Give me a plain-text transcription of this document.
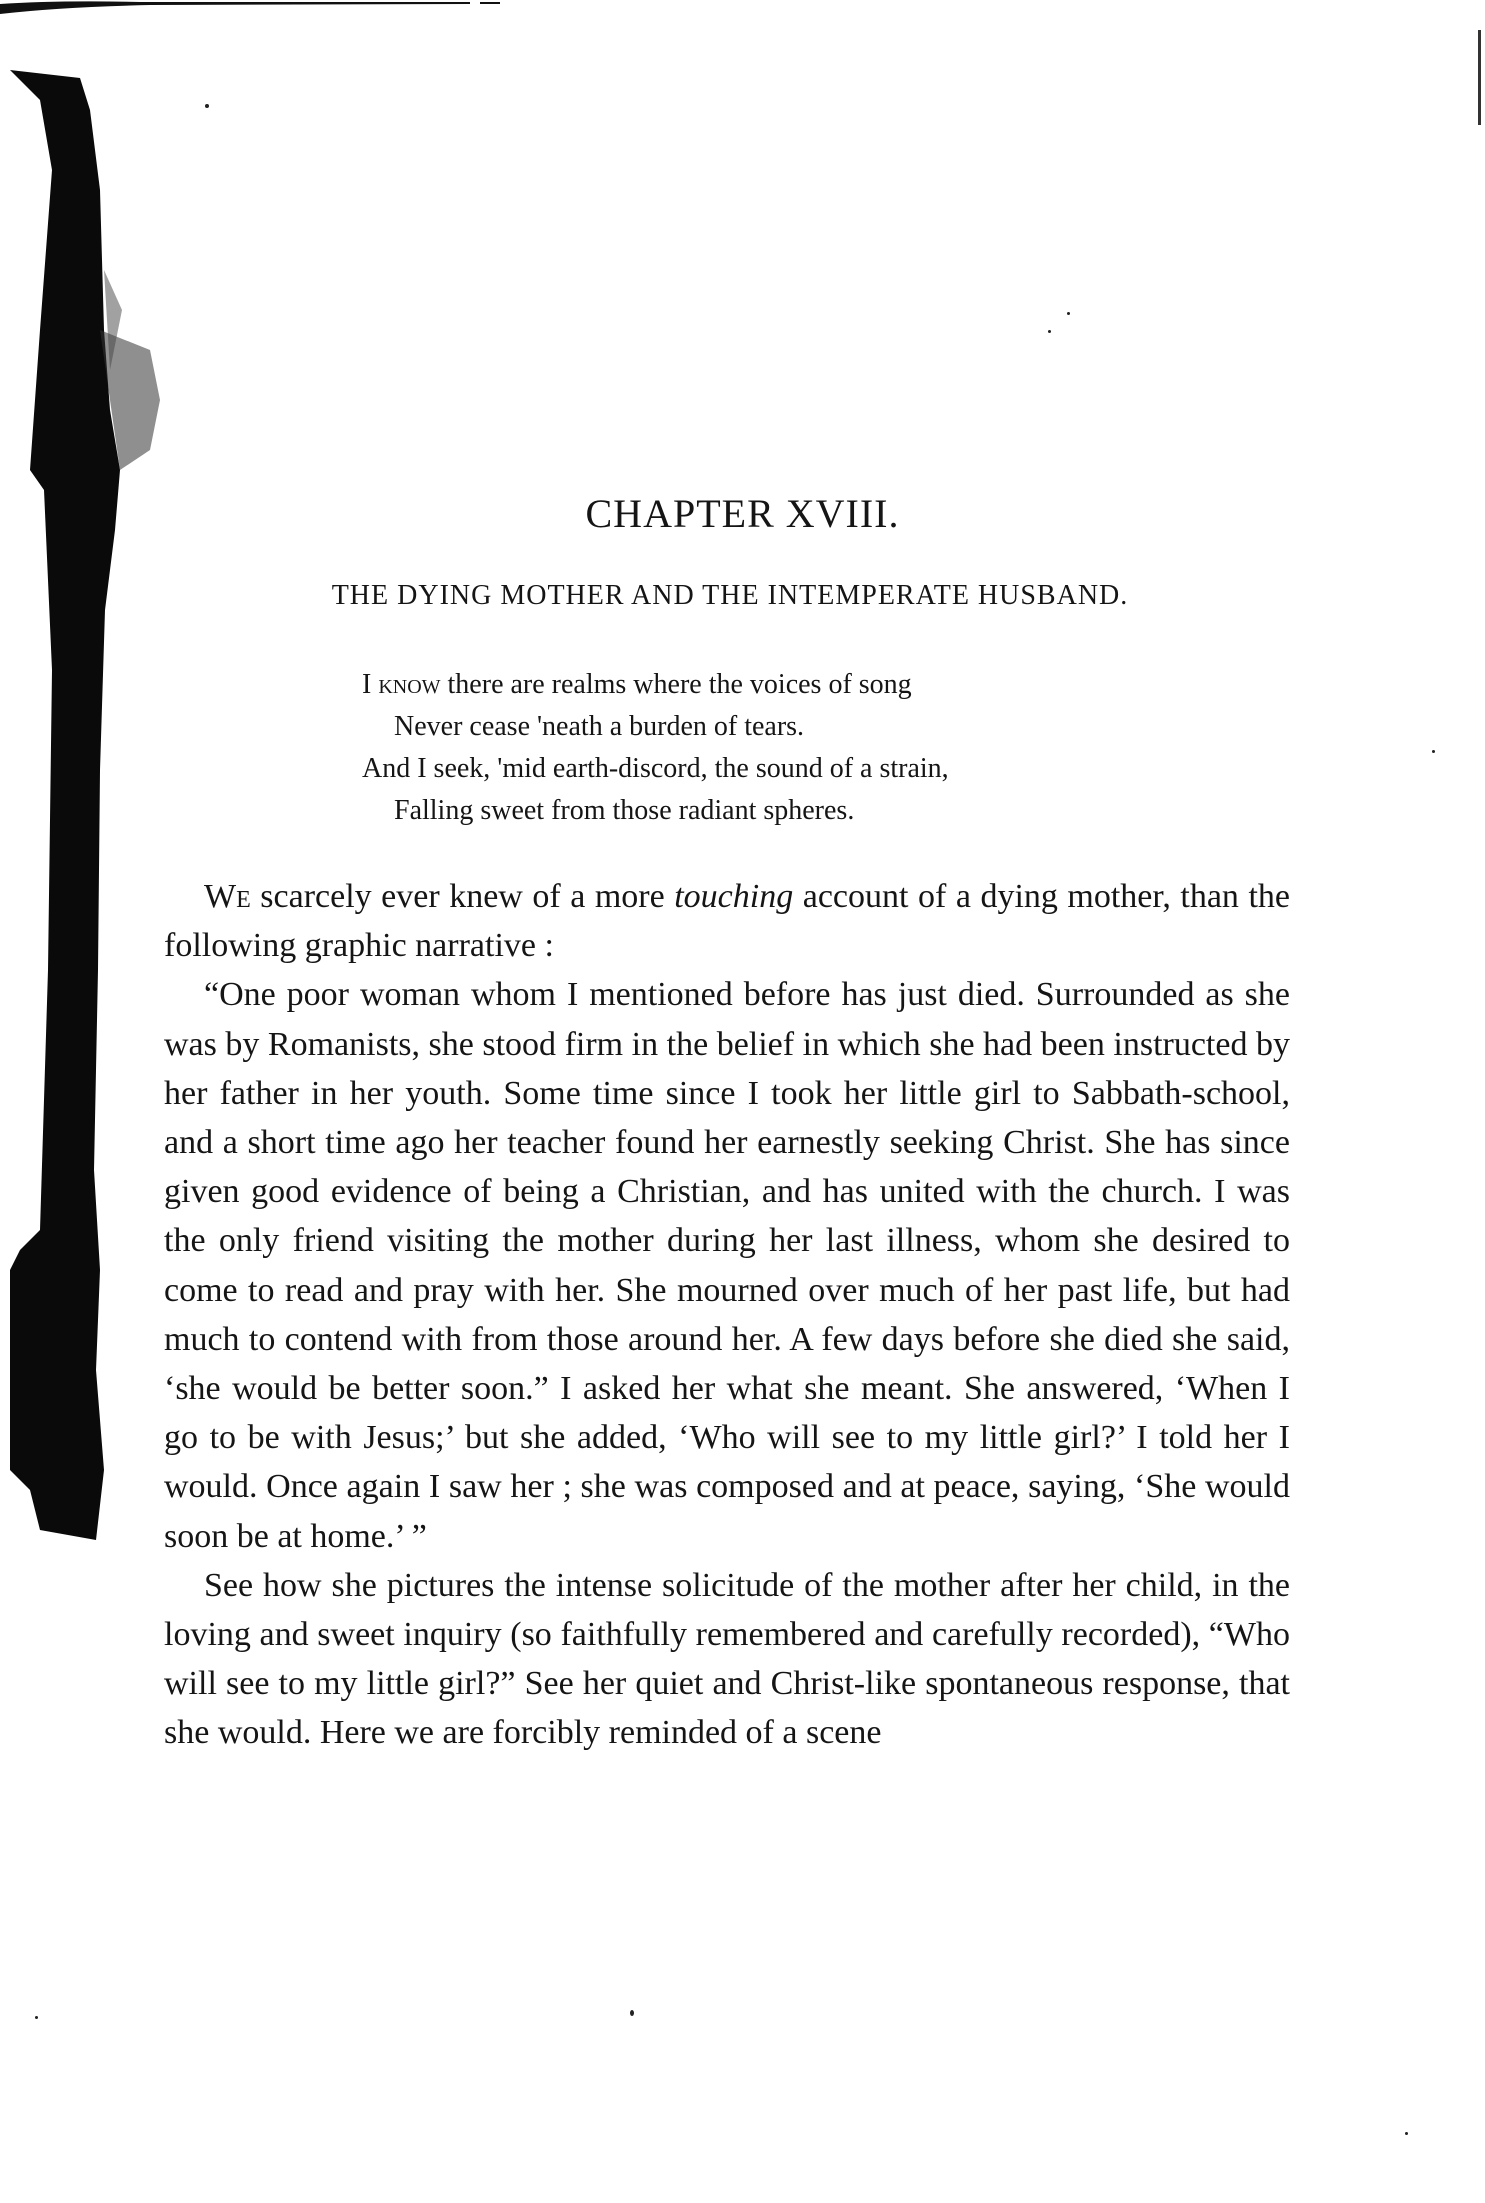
CHAPTER XVIII.
THE DYING MOTHER AND THE INTEMPERATE HUSBAND.
I know there are realms where the voices of song
Never cease 'neath a burden of tears.
And I seek, 'mid earth-discord, the sound of a strain,
Falling sweet from those radiant spheres.

We scarcely ever knew of a more touching account of a dying mother, than the following graphic narrative :

“One poor woman whom I mentioned before has just died. Surrounded as she was by Romanists, she stood firm in the belief in which she had been instructed by her father in her youth. Some time since I took her little girl to Sabbath-school, and a short time ago her teacher found her earnestly seeking Christ. She has since given good evidence of being a Christian, and has united with the church. I was the only friend visiting the mother during her last illness, whom she desired to come to read and pray with her. She mourned over much of her past life, but had much to contend with from those around her. A few days before she died she said, ‘she would be better soon.” I asked her what she meant. She answered, ‘When I go to be with Jesus;’ but she added, ‘Who will see to my little girl?’ I told her I would. Once again I saw her ; she was composed and at peace, saying, ‘She would soon be at home.’ ”

See how she pictures the intense solicitude of the mother after her child, in the loving and sweet inquiry (so faithfully remembered and carefully recorded), “Who will see to my little girl?” See her quiet and Christ-like spontaneous response, that she would. Here we are forcibly reminded of a scene
